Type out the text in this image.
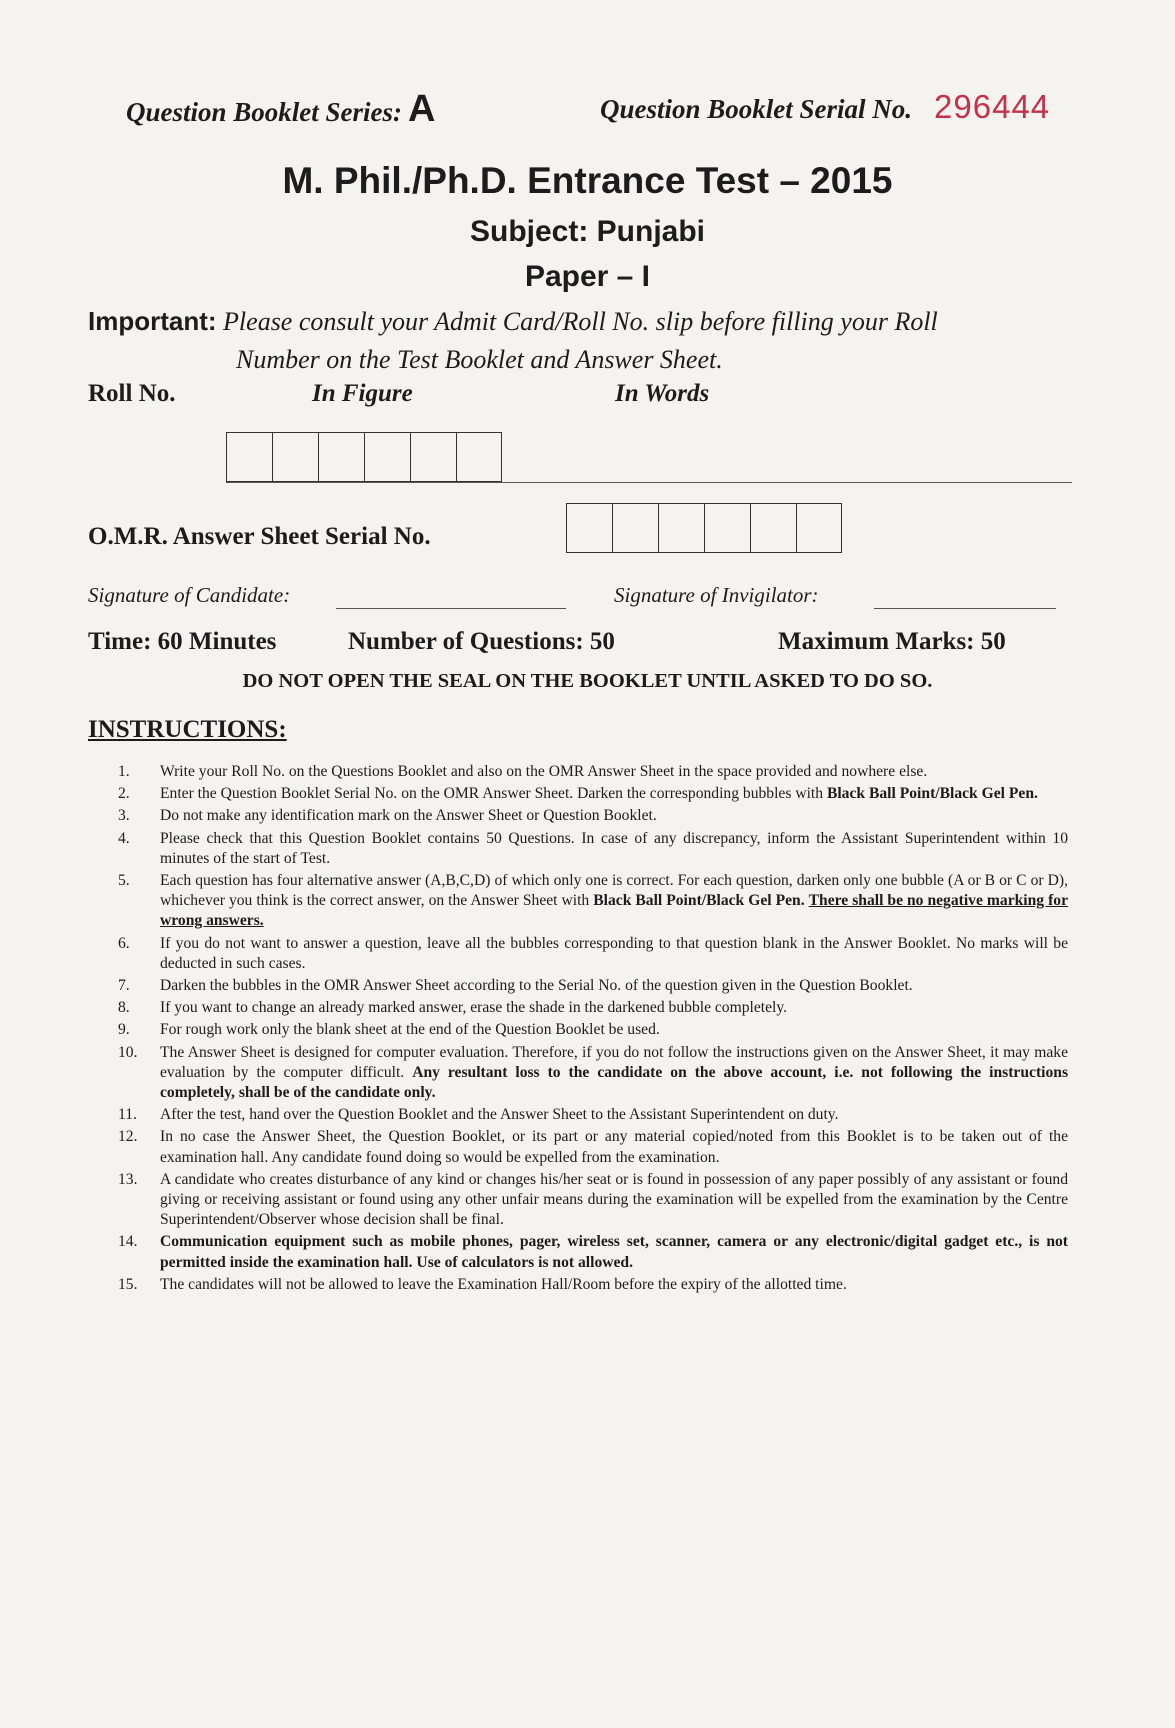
Question Booklet Series: A	Question Booklet Serial No. 296444
M. Phil./Ph.D. Entrance Test – 2015
Subject: Punjabi
Paper – I
Important: Please consult your Admit Card/Roll No. slip before filling your Roll
Number on the Test Booklet and Answer Sheet.
Roll No.	In Figure	In Words
O.M.R. Answer Sheet Serial No.
Signature of Candidate:	Signature of Invigilator:
Time: 60 Minutes	Number of Questions: 50	Maximum Marks: 50
DO NOT OPEN THE SEAL ON THE BOOKLET UNTIL ASKED TO DO SO.
INSTRUCTIONS:
1.	Write your Roll No. on the Questions Booklet and also on the OMR Answer Sheet in the space provided and nowhere else.
2.	Enter the Question Booklet Serial No. on the OMR Answer Sheet. Darken the corresponding bubbles with Black Ball Point/Black Gel Pen.
3.	Do not make any identification mark on the Answer Sheet or Question Booklet.
4.	Please check that this Question Booklet contains 50 Questions. In case of any discrepancy, inform the Assistant Superintendent within 10 minutes of the start of Test.
5.	Each question has four alternative answer (A,B,C,D) of which only one is correct. For each question, darken only one bubble (A or B or C or D), whichever you think is the correct answer, on the Answer Sheet with Black Ball Point/Black Gel Pen. There shall be no negative marking for wrong answers.
6.	If you do not want to answer a question, leave all the bubbles corresponding to that question blank in the Answer Booklet. No marks will be deducted in such cases.
7.	Darken the bubbles in the OMR Answer Sheet according to the Serial No. of the question given in the Question Booklet.
8.	If you want to change an already marked answer, erase the shade in the darkened bubble completely.
9.	For rough work only the blank sheet at the end of the Question Booklet be used.
10.	The Answer Sheet is designed for computer evaluation. Therefore, if you do not follow the instructions given on the Answer Sheet, it may make evaluation by the computer difficult. Any resultant loss to the candidate on the above account, i.e. not following the instructions completely, shall be of the candidate only.
11.	After the test, hand over the Question Booklet and the Answer Sheet to the Assistant Superintendent on duty.
12.	In no case the Answer Sheet, the Question Booklet, or its part or any material copied/noted from this Booklet is to be taken out of the examination hall. Any candidate found doing so would be expelled from the examination.
13.	A candidate who creates disturbance of any kind or changes his/her seat or is found in possession of any paper possibly of any assistant or found giving or receiving assistant or found using any other unfair means during the examination will be expelled from the examination by the Centre Superintendent/Observer whose decision shall be final.
14.	Communication equipment such as mobile phones, pager, wireless set, scanner, camera or any electronic/digital gadget etc., is not permitted inside the examination hall. Use of calculators is not allowed.
15.	The candidates will not be allowed to leave the Examination Hall/Room before the expiry of the allotted time.
